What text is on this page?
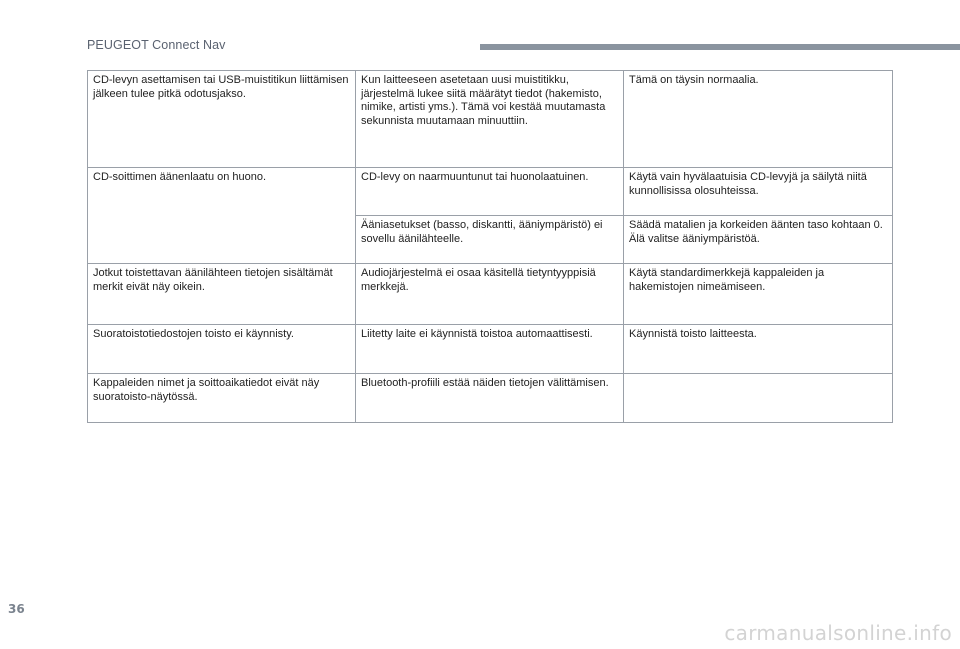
PEUGEOT Connect Nav
CD-levyn asettamisen tai USB-muistitikun liittämisen jälkeen tulee pitkä odotusjakso.	Kun laitteeseen asetetaan uusi muistitikku, järjestelmä lukee siitä määrätyt tiedot (hakemisto, nimike, artisti yms.). Tämä voi kestää muutamasta sekunnista muutamaan minuuttiin.	Tämä on täysin normaalia.
CD-soittimen äänenlaatu on huono.	CD-levy on naarmuuntunut tai huonolaatuinen.	Käytä vain hyvälaatuisia CD-levyjä ja säilytä niitä kunnollisissa olosuhteissa.
	Ääniasetukset (basso, diskantti, ääniympäristö) ei sovellu äänilähteelle.	Säädä matalien ja korkeiden äänten taso kohtaan 0. Älä valitse ääniympäristöä.
Jotkut toistettavan äänilähteen tietojen sisältämät merkit eivät näy oikein.	Audiojärjestelmä ei osaa käsitellä tietyntyyppisiä merkkejä.	Käytä standardimerkkejä kappaleiden ja hakemistojen nimeämiseen.
Suoratoistotiedostojen toisto ei käynnisty.	Liitetty laite ei käynnistä toistoa automaattisesti.	Käynnistä toisto laitteesta.
Kappaleiden nimet ja soittoaikatiedot eivät näy suoratoisto-näytössä.	Bluetooth-profiili estää näiden tietojen välittämisen.	
36
carmanualsonline.info
